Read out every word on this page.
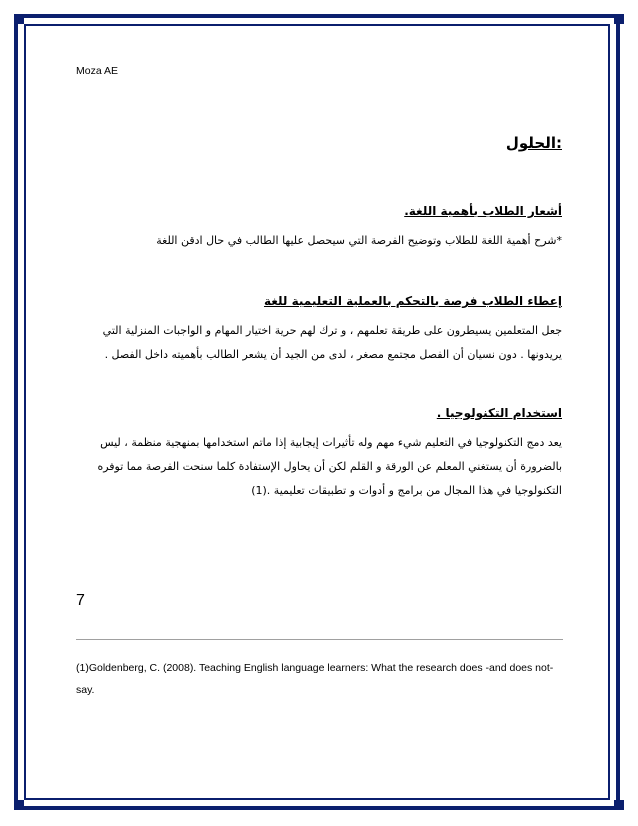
Moza AE
:الحلول
أشعار الطلاب بأهمية اللغة.
*شرح أهمية اللغة للطلاب وتوضيح الفرصة التي سيحصل عليها الطالب في حال ادقن اللغة
إعطاء الطلاب فرصة بالتحكم بالعملية التعليمية للغة
جعل المتعلمين يسيطرون على طريقة تعلمهم ، و ترك لهم حرية اختيار المهام و الواجبات المنزلية التي
يريدونها . دون نسيان أن الفصل مجتمع مصغر ، لدى من الجيد أن يشعر الطالب بأهميته داخل الفصل .
استخدام التكنولوجيا .
يعد دمج التكنولوجيا في التعليم شيء مهم وله تأثيرات إيجابية إذا ماتم استخدامها بمنهجية منظمة ، ليس
بالضرورة أن يستغني المعلم عن الورقة و القلم لكن أن يحاول الإستفادة كلما سنحت الفرصة مما توفره
التكنولوجيا في هذا المجال من برامج و أدوات و تطبيقات تعليمية .(1)
7
(1)Goldenberg, C. (2008). Teaching English language learners: What the research does -and does not-say.
